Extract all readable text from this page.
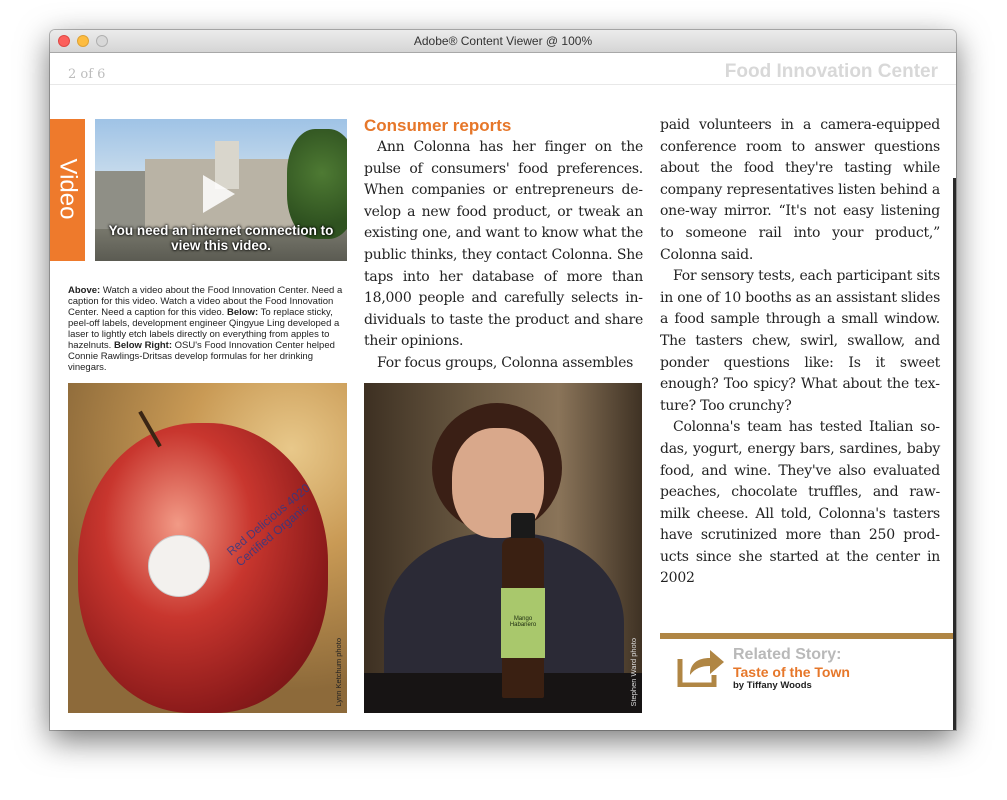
Adobe® Content Viewer @ 100%
2 of 6	Food Innovation Center
Video
You need an internet connection to view this video.
Above: Watch a video about the Food Innovation Center. Need a caption for this video. Watch a video about the Food Innovation Center. Need a caption for this video. Below: To replace sticky, peel-off labels, development engineer Qingyue Ling developed a laser to lightly etch labels directly on everything from apples to hazelnuts. Below Right: OSU's Food Innovation Center helped Connie Rawlings-Dritsas develop formulas for her drinking vinegars.
Red Delicious 4020 Certified Organic
Lynn Ketchum photo
Consumer reports

Ann Colonna has her finger on the pulse of consumers' food preferences. When companies or entrepreneurs develop a new food product, or tweak an existing one, and want to know what the public thinks, they contact Colonna. She taps into her database of more than 18,000 people and carefully selects individuals to taste the product and share their opinions.

For focus groups, Colonna assembles

Mango Habanero
Stephen Ward photo

paid volunteers in a camera-equipped conference room to answer questions about the food they're tasting while company representatives listen behind a one-way mirror. “It's not easy listening to someone rail into your product,” Colonna said.

For sensory tests, each participant sits in one of 10 booths as an assistant slides a food sample through a small window. The tasters chew, swirl, swallow, and ponder questions like: Is it sweet enough? Too spicy? What about the texture? Too crunchy?

Colonna's team has tested Italian sodas, yogurt, energy bars, sardines, baby food, and wine. They've also evaluated peaches, chocolate truffles, and raw-milk cheese. All told, Colonna's tasters have scrutinized more than 250 products since she started at the center in 2002

Related Story:
Taste of the Town
by Tiffany Woods
